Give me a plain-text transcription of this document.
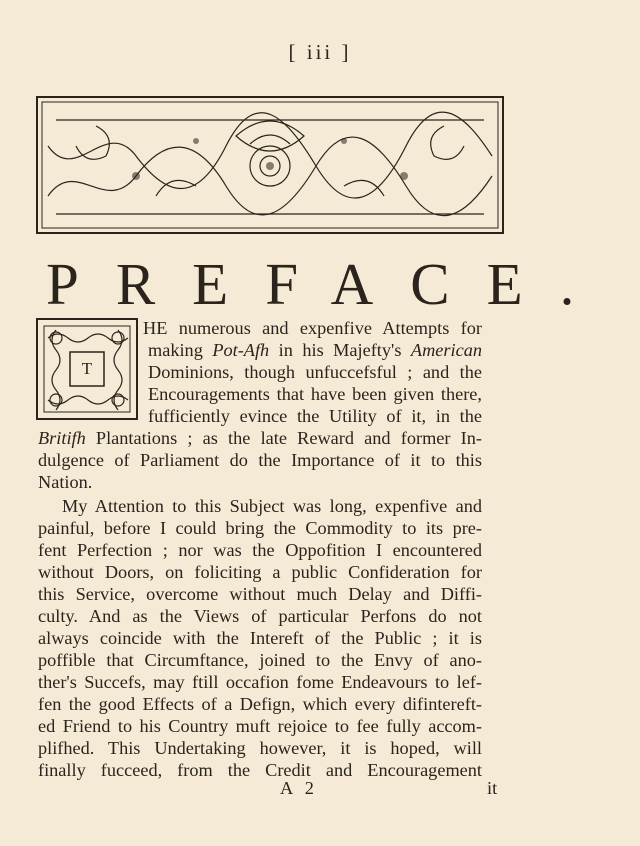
[ iii ]
PREFACE.
T
HE numerous and expenfive Attempts for
making Pot-Afh in his Majefty's American
Dominions, though unfuccefsful ; and the
Encouragements that have been given there,
fufficiently evince the Utility of it, in the
Britifh Plantations ; as the late Reward and former In-
dulgence of Parliament do the Importance of it to this
Nation.
My Attention to this Subject was long, expenfive and
painful, before I could bring the Commodity to its pre-
fent Perfection ; nor was the Oppofition I encountered
without Doors, on foliciting a public Confideration for
this Service, overcome without much Delay and Diffi-
culty. And as the Views of particular Perfons do not
always coincide with the Intereft of the Public ; it is
poffible that Circumftance, joined to the Envy of ano-
ther's Succefs, may ftill occafion fome Endeavours to lef-
fen the good Effects of a Defign, which every difintereft-
ed Friend to his Country muft rejoice to fee fully accom-
plifhed. This Undertaking however, it is hoped, will
finally fucceed, from the Credit and Encouragement
A 2	it
